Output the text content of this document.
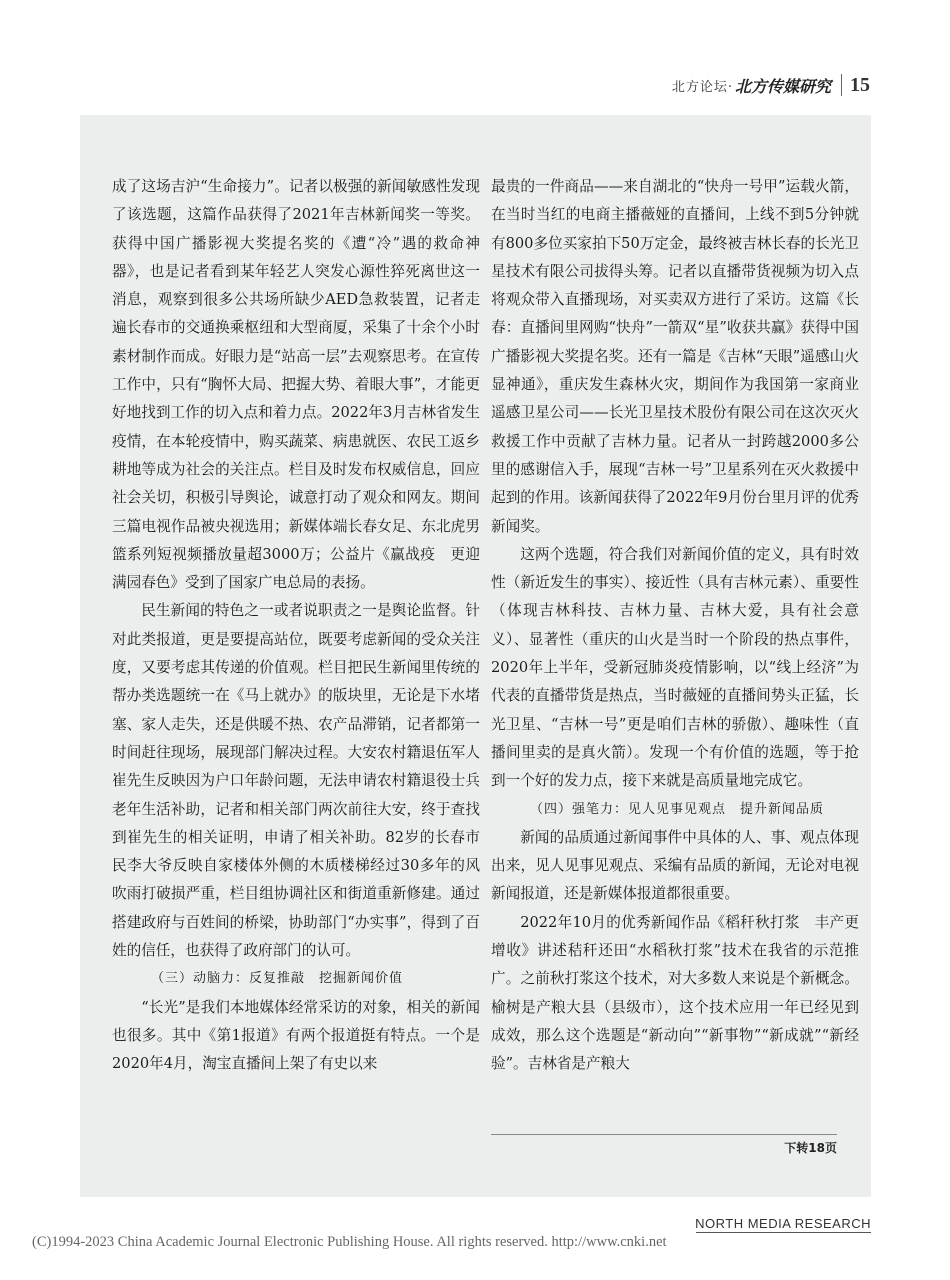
北方论坛· 北方传媒研究 15

成了这场吉沪“生命接力”。记者以极强的新闻敏感性发现了该选题，这篇作品获得了2021年吉林新闻奖一等奖。获得中国广播影视大奖提名奖的《遭“冷”遇的救命神器》，也是记者看到某年轻艺人突发心源性猝死离世这一消息，观察到很多公共场所缺少AED急救装置，记者走遍长春市的交通换乘枢纽和大型商厦，采集了十余个小时素材制作而成。好眼力是“站高一层”去观察思考。在宣传工作中，只有“胸怀大局、把握大势、着眼大事”，才能更好地找到工作的切入点和着力点。2022年3月吉林省发生疫情，在本轮疫情中，购买蔬菜、病患就医、农民工返乡耕地等成为社会的关注点。栏目及时发布权威信息，回应社会关切，积极引导舆论，诚意打动了观众和网友。期间三篇电视作品被央视选用；新媒体端长春女足、东北虎男篮系列短视频播放量超3000万；公益片《赢战疫　更迎满园春色》受到了国家广电总局的表扬。

民生新闻的特色之一或者说职责之一是舆论监督。针对此类报道，更是要提高站位，既要考虑新闻的受众关注度，又要考虑其传递的价值观。栏目把民生新闻里传统的帮办类选题统一在《马上就办》的版块里，无论是下水堵塞、家人走失，还是供暖不热、农产品滞销，记者都第一时间赶往现场，展现部门解决过程。大安农村籍退伍军人崔先生反映因为户口年龄问题，无法申请农村籍退役士兵老年生活补助，记者和相关部门两次前往大安，终于查找到崔先生的相关证明，申请了相关补助。82岁的长春市民李大爷反映自家楼体外侧的木质楼梯经过30多年的风吹雨打破损严重，栏目组协调社区和街道重新修建。通过搭建政府与百姓间的桥梁，协助部门“办实事”，得到了百姓的信任，也获得了政府部门的认可。

（三）动脑力：反复推敲　挖掘新闻价值

“长光”是我们本地媒体经常采访的对象，相关的新闻也很多。其中《第1报道》有两个报道挺有特点。一个是2020年4月，淘宝直播间上架了有史以来

最贵的一件商品——来自湖北的“快舟一号甲”运载火箭，在当时当红的电商主播薇娅的直播间，上线不到5分钟就有800多位买家拍下50万定金，最终被吉林长春的长光卫星技术有限公司拔得头筹。记者以直播带货视频为切入点将观众带入直播现场，对买卖双方进行了采访。这篇《长春：直播间里网购“快舟”一箭双“星”收获共赢》获得中国广播影视大奖提名奖。还有一篇是《吉林“天眼”遥感山火显神通》，重庆发生森林火灾，期间作为我国第一家商业遥感卫星公司——长光卫星技术股份有限公司在这次灭火救援工作中贡献了吉林力量。记者从一封跨越2000多公里的感谢信入手，展现“吉林一号”卫星系列在灭火救援中起到的作用。该新闻获得了2022年9月份台里月评的优秀新闻奖。

这两个选题，符合我们对新闻价值的定义，具有时效性（新近发生的事实）、接近性（具有吉林元素）、重要性（体现吉林科技、吉林力量、吉林大爱，具有社会意义）、显著性（重庆的山火是当时一个阶段的热点事件，2020年上半年，受新冠肺炎疫情影响，以“线上经济”为代表的直播带货是热点，当时薇娅的直播间势头正猛，长光卫星、“吉林一号”更是咱们吉林的骄傲）、趣味性（直播间里卖的是真火箭）。发现一个有价值的选题，等于抢到一个好的发力点，接下来就是高质量地完成它。

（四）强笔力：见人见事见观点　提升新闻品质

新闻的品质通过新闻事件中具体的人、事、观点体现出来，见人见事见观点、采编有品质的新闻，无论对电视新闻报道，还是新媒体报道都很重要。

2022年10月的优秀新闻作品《稻秆秋打浆　丰产更增收》讲述秸秆还田“水稻秋打浆”技术在我省的示范推广。之前秋打浆这个技术，对大多数人来说是个新概念。榆树是产粮大县（县级市），这个技术应用一年已经见到成效，那么这个选题是“新动向”“新事物”“新成就”“新经验”。吉林省是产粮大

下转18页
NORTH MEDIA RESEARCH
(C)1994-2023 China Academic Journal Electronic Publishing House. All rights reserved. http://www.cnki.net
